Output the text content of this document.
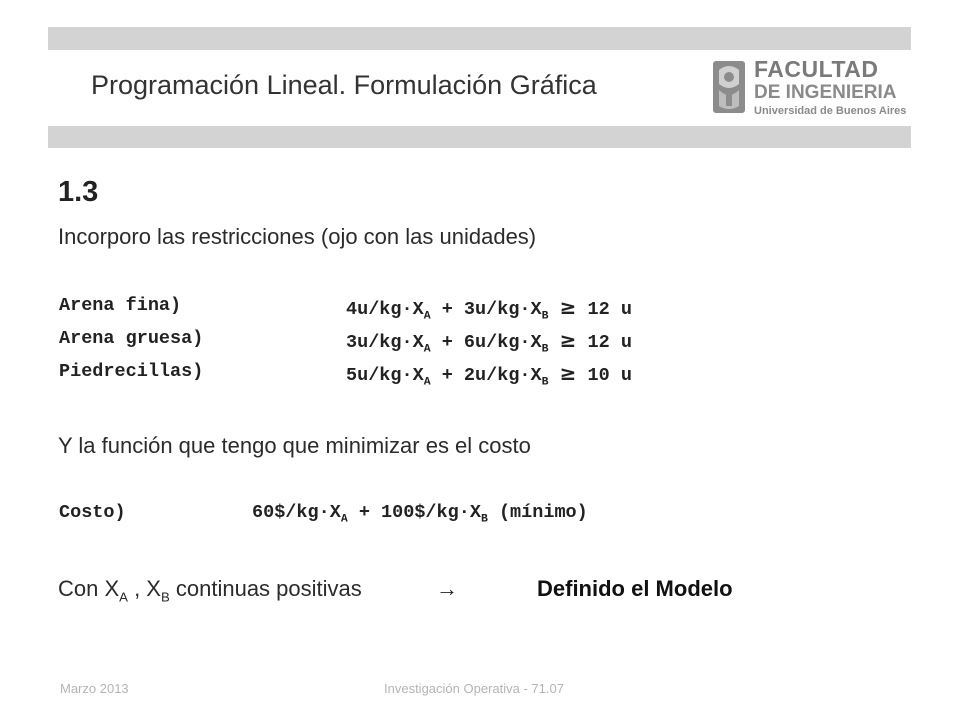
Programación Lineal. Formulación Gráfica
FACULTAD
DE INGENIERIA
Universidad de Buenos Aires
1.3
Incorporo las restricciones (ojo con las unidades)
Arena fina)	$4u/kg\cdot X_A + 3u/kg\cdot X_B \ge 12$ u
Arena gruesa)	$3u/kg\cdot X_A + 6u/kg\cdot X_B \ge 12$ u
Piedrecillas)	$5u/kg\cdot X_A + 2u/kg\cdot X_B \ge 10$ u
Y la función que tengo que minimizar es el costo
Costo)	$60\$/kg\cdot X_A$ + $100\$/kg\cdot X_B$ (mínimo)
Con $X_A$ , $X_B$ continuas positivas	→	Definido el Modelo
Marzo 2013	Investigación Operativa - 71.07
